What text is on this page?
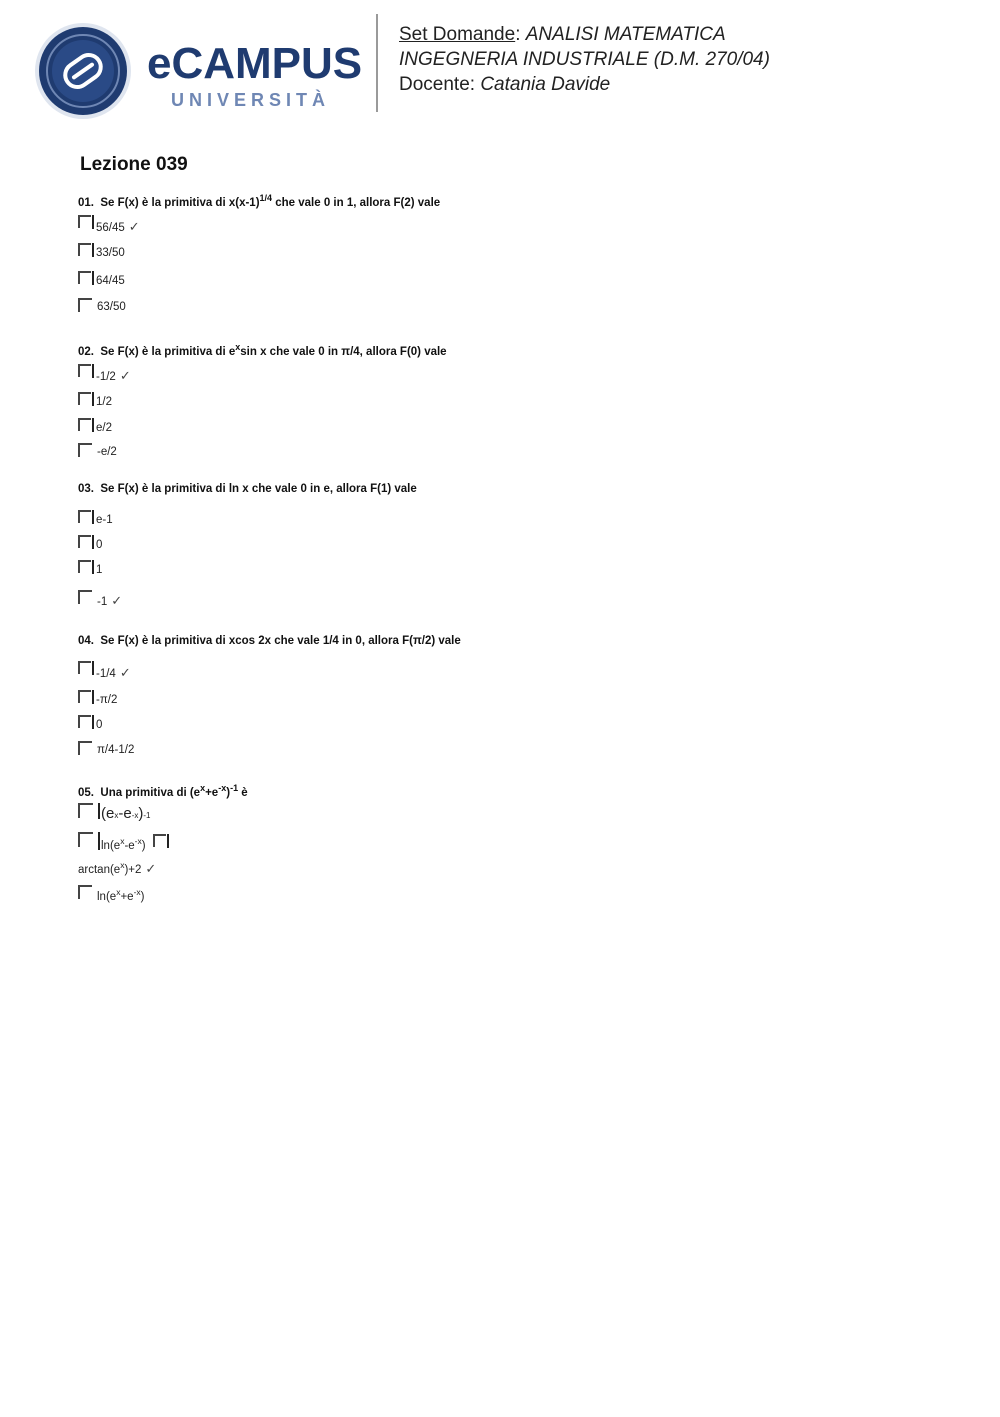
eCAMPUS
UNIVERSITÀ
Set Domande: ANALISI MATEMATICA INGEGNERIA INDUSTRIALE (D.M. 270/04) Docente: Catania Davide
Lezione 039
01. Se F(x) è la primitiva di $x(x-1)^{1/4}$ che vale 0 in 1, allora F(2) vale
56/45 ✓
33/50
64/45
63/50
02. Se F(x) è la primitiva di $e^x\sin$ x che vale 0 in π/4, allora F(0) vale
-1/2 ✓
1/2
e/2
-e/2
03. Se F(x) è la primitiva di ln x che vale 0 in e, allora F(1) vale
e-1
0
1
-1 ✓
04. Se F(x) è la primitiva di xcos 2x che vale 1/4 in 0, allora F(π/2) vale
-1/4 ✓
-π/2
0
π/4-1/2
05. Una primitiva di $(e^x+e^{-x})^{-1}$ è
(ex-e-x)-1
$\ln(e^x-e^{-x})$
$\arctan(e^x)+2$ ✓
$\ln(e^x+e^{-x})$
